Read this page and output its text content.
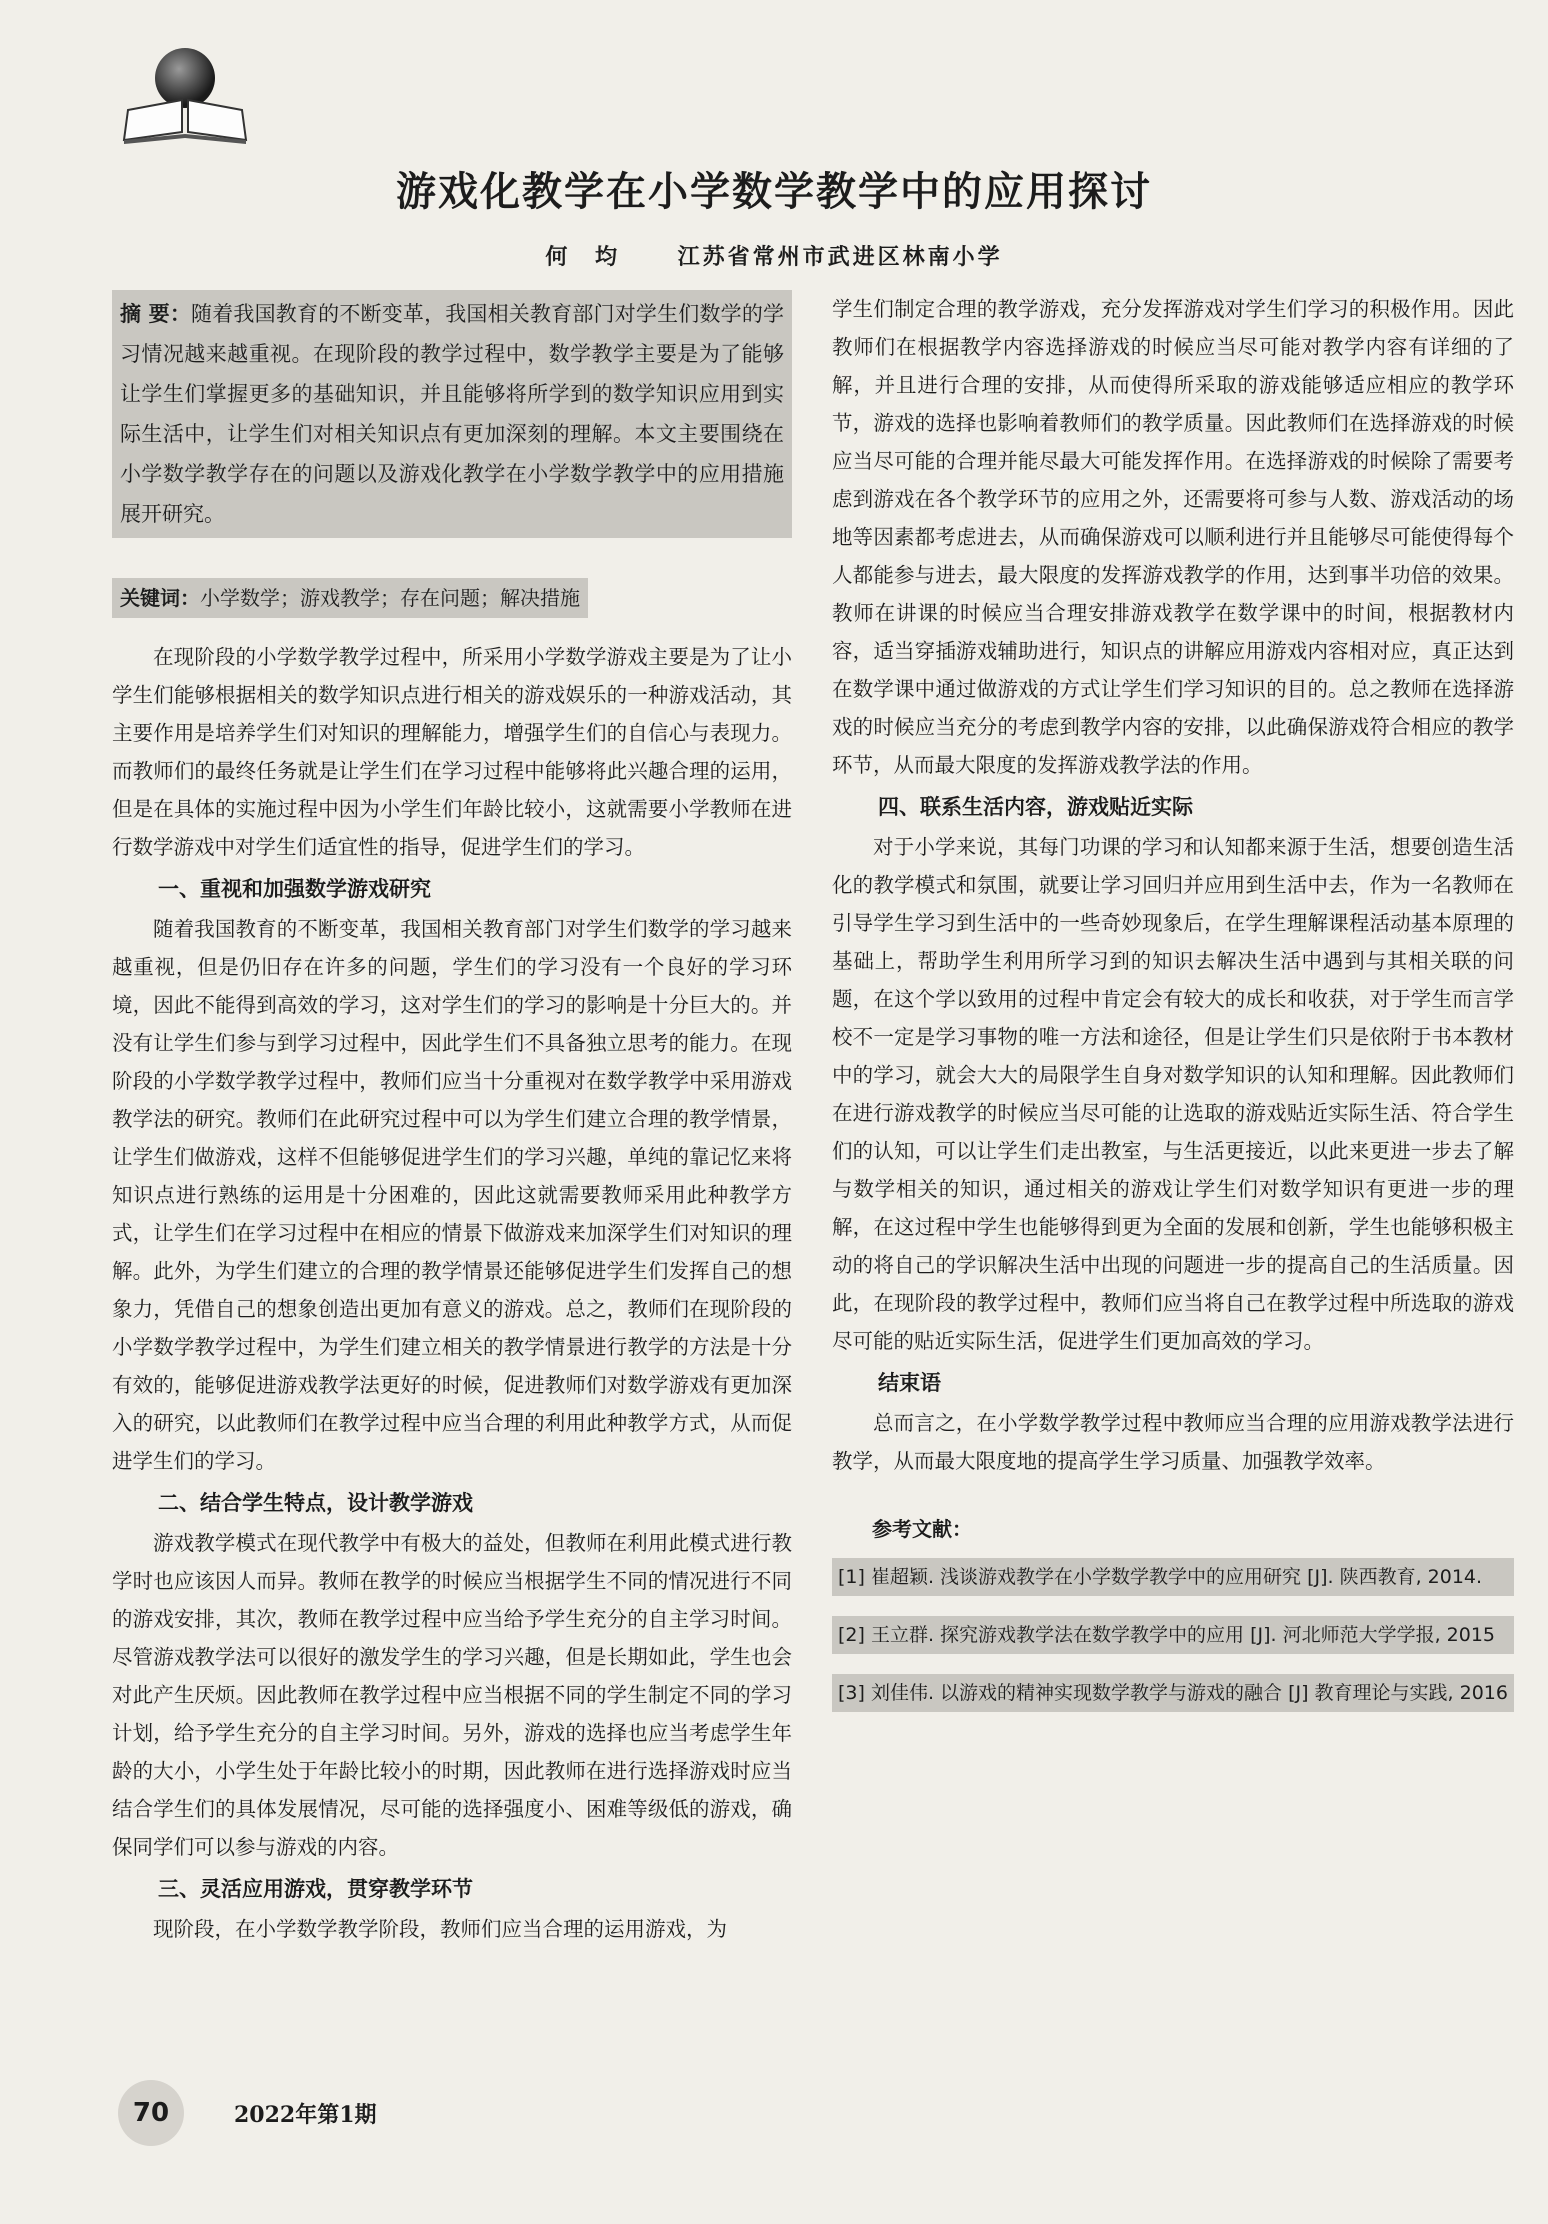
游戏化教学在小学数学教学中的应用探讨
何 均 江苏省常州市武进区林南小学
摘 要：随着我国教育的不断变革，我国相关教育部门对学生们数学的学习情况越来越重视。在现阶段的教学过程中，数学教学主要是为了能够让学生们掌握更多的基础知识，并且能够将所学到的数学知识应用到实际生活中，让学生们对相关知识点有更加深刻的理解。本文主要围绕在小学数学教学存在的问题以及游戏化教学在小学数学教学中的应用措施展开研究。
关键词：小学数学；游戏教学；存在问题；解决措施

在现阶段的小学数学教学过程中，所采用小学数学游戏主要是为了让小学生们能够根据相关的数学知识点进行相关的游戏娱乐的一种游戏活动，其主要作用是培养学生们对知识的理解能力，增强学生们的自信心与表现力。而教师们的最终任务就是让学生们在学习过程中能够将此兴趣合理的运用，但是在具体的实施过程中因为小学生们年龄比较小，这就需要小学教师在进行数学游戏中对学生们适宜性的指导，促进学生们的学习。

一、重视和加强数学游戏研究

随着我国教育的不断变革，我国相关教育部门对学生们数学的学习越来越重视，但是仍旧存在许多的问题，学生们的学习没有一个良好的学习环境，因此不能得到高效的学习，这对学生们的学习的影响是十分巨大的。并没有让学生们参与到学习过程中，因此学生们不具备独立思考的能力。在现阶段的小学数学教学过程中，教师们应当十分重视对在数学教学中采用游戏教学法的研究。教师们在此研究过程中可以为学生们建立合理的教学情景，让学生们做游戏，这样不但能够促进学生们的学习兴趣，单纯的靠记忆来将知识点进行熟练的运用是十分困难的，因此这就需要教师采用此种教学方式，让学生们在学习过程中在相应的情景下做游戏来加深学生们对知识的理解。此外，为学生们建立的合理的教学情景还能够促进学生们发挥自己的想象力，凭借自己的想象创造出更加有意义的游戏。总之，教师们在现阶段的小学数学教学过程中，为学生们建立相关的教学情景进行教学的方法是十分有效的，能够促进游戏教学法更好的时候，促进教师们对数学游戏有更加深入的研究，以此教师们在教学过程中应当合理的利用此种教学方式，从而促进学生们的学习。

二、结合学生特点，设计教学游戏

游戏教学模式在现代教学中有极大的益处，但教师在利用此模式进行教学时也应该因人而异。教师在教学的时候应当根据学生不同的情况进行不同的游戏安排，其次，教师在教学过程中应当给予学生充分的自主学习时间。尽管游戏教学法可以很好的激发学生的学习兴趣，但是长期如此，学生也会对此产生厌烦。因此教师在教学过程中应当根据不同的学生制定不同的学习计划，给予学生充分的自主学习时间。另外，游戏的选择也应当考虑学生年龄的大小，小学生处于年龄比较小的时期，因此教师在进行选择游戏时应当结合学生们的具体发展情况，尽可能的选择强度小、困难等级低的游戏，确保同学们可以参与游戏的内容。

三、灵活应用游戏，贯穿教学环节

现阶段，在小学数学教学阶段，教师们应当合理的运用游戏，为

学生们制定合理的教学游戏，充分发挥游戏对学生们学习的积极作用。因此教师们在根据教学内容选择游戏的时候应当尽可能对教学内容有详细的了解，并且进行合理的安排，从而使得所采取的游戏能够适应相应的教学环节，游戏的选择也影响着教师们的教学质量。因此教师们在选择游戏的时候应当尽可能的合理并能尽最大可能发挥作用。在选择游戏的时候除了需要考虑到游戏在各个教学环节的应用之外，还需要将可参与人数、游戏活动的场地等因素都考虑进去，从而确保游戏可以顺利进行并且能够尽可能使得每个人都能参与进去，最大限度的发挥游戏教学的作用，达到事半功倍的效果。教师在讲课的时候应当合理安排游戏教学在数学课中的时间，根据教材内容，适当穿插游戏辅助进行，知识点的讲解应用游戏内容相对应，真正达到在数学课中通过做游戏的方式让学生们学习知识的目的。总之教师在选择游戏的时候应当充分的考虑到教学内容的安排，以此确保游戏符合相应的教学环节，从而最大限度的发挥游戏教学法的作用。

四、联系生活内容，游戏贴近实际

对于小学来说，其每门功课的学习和认知都来源于生活，想要创造生活化的教学模式和氛围，就要让学习回归并应用到生活中去，作为一名教师在引导学生学习到生活中的一些奇妙现象后，在学生理解课程活动基本原理的基础上，帮助学生利用所学习到的知识去解决生活中遇到与其相关联的问题，在这个学以致用的过程中肯定会有较大的成长和收获，对于学生而言学校不一定是学习事物的唯一方法和途径，但是让学生们只是依附于书本教材中的学习，就会大大的局限学生自身对数学知识的认知和理解。因此教师们在进行游戏教学的时候应当尽可能的让选取的游戏贴近实际生活、符合学生们的认知，可以让学生们走出教室，与生活更接近，以此来更进一步去了解与数学相关的知识，通过相关的游戏让学生们对数学知识有更进一步的理解，在这过程中学生也能够得到更为全面的发展和创新，学生也能够积极主动的将自己的学识解决生活中出现的问题进一步的提高自己的生活质量。因此，在现阶段的教学过程中，教师们应当将自己在教学过程中所选取的游戏尽可能的贴近实际生活，促进学生们更加高效的学习。

结束语

总而言之，在小学数学教学过程中教师应当合理的应用游戏教学法进行教学，从而最大限度地的提高学生学习质量、加强教学效率。

参考文献：
[1] 崔超颖. 浅谈游戏教学在小学数学教学中的应用研究 [J]. 陕西教育, 2014.
[2] 王立群. 探究游戏教学法在数学教学中的应用 [J]. 河北师范大学学报, 2015
[3] 刘佳伟. 以游戏的精神实现数学教学与游戏的融合 [J] 教育理论与实践, 2016
70	2022年第1期
